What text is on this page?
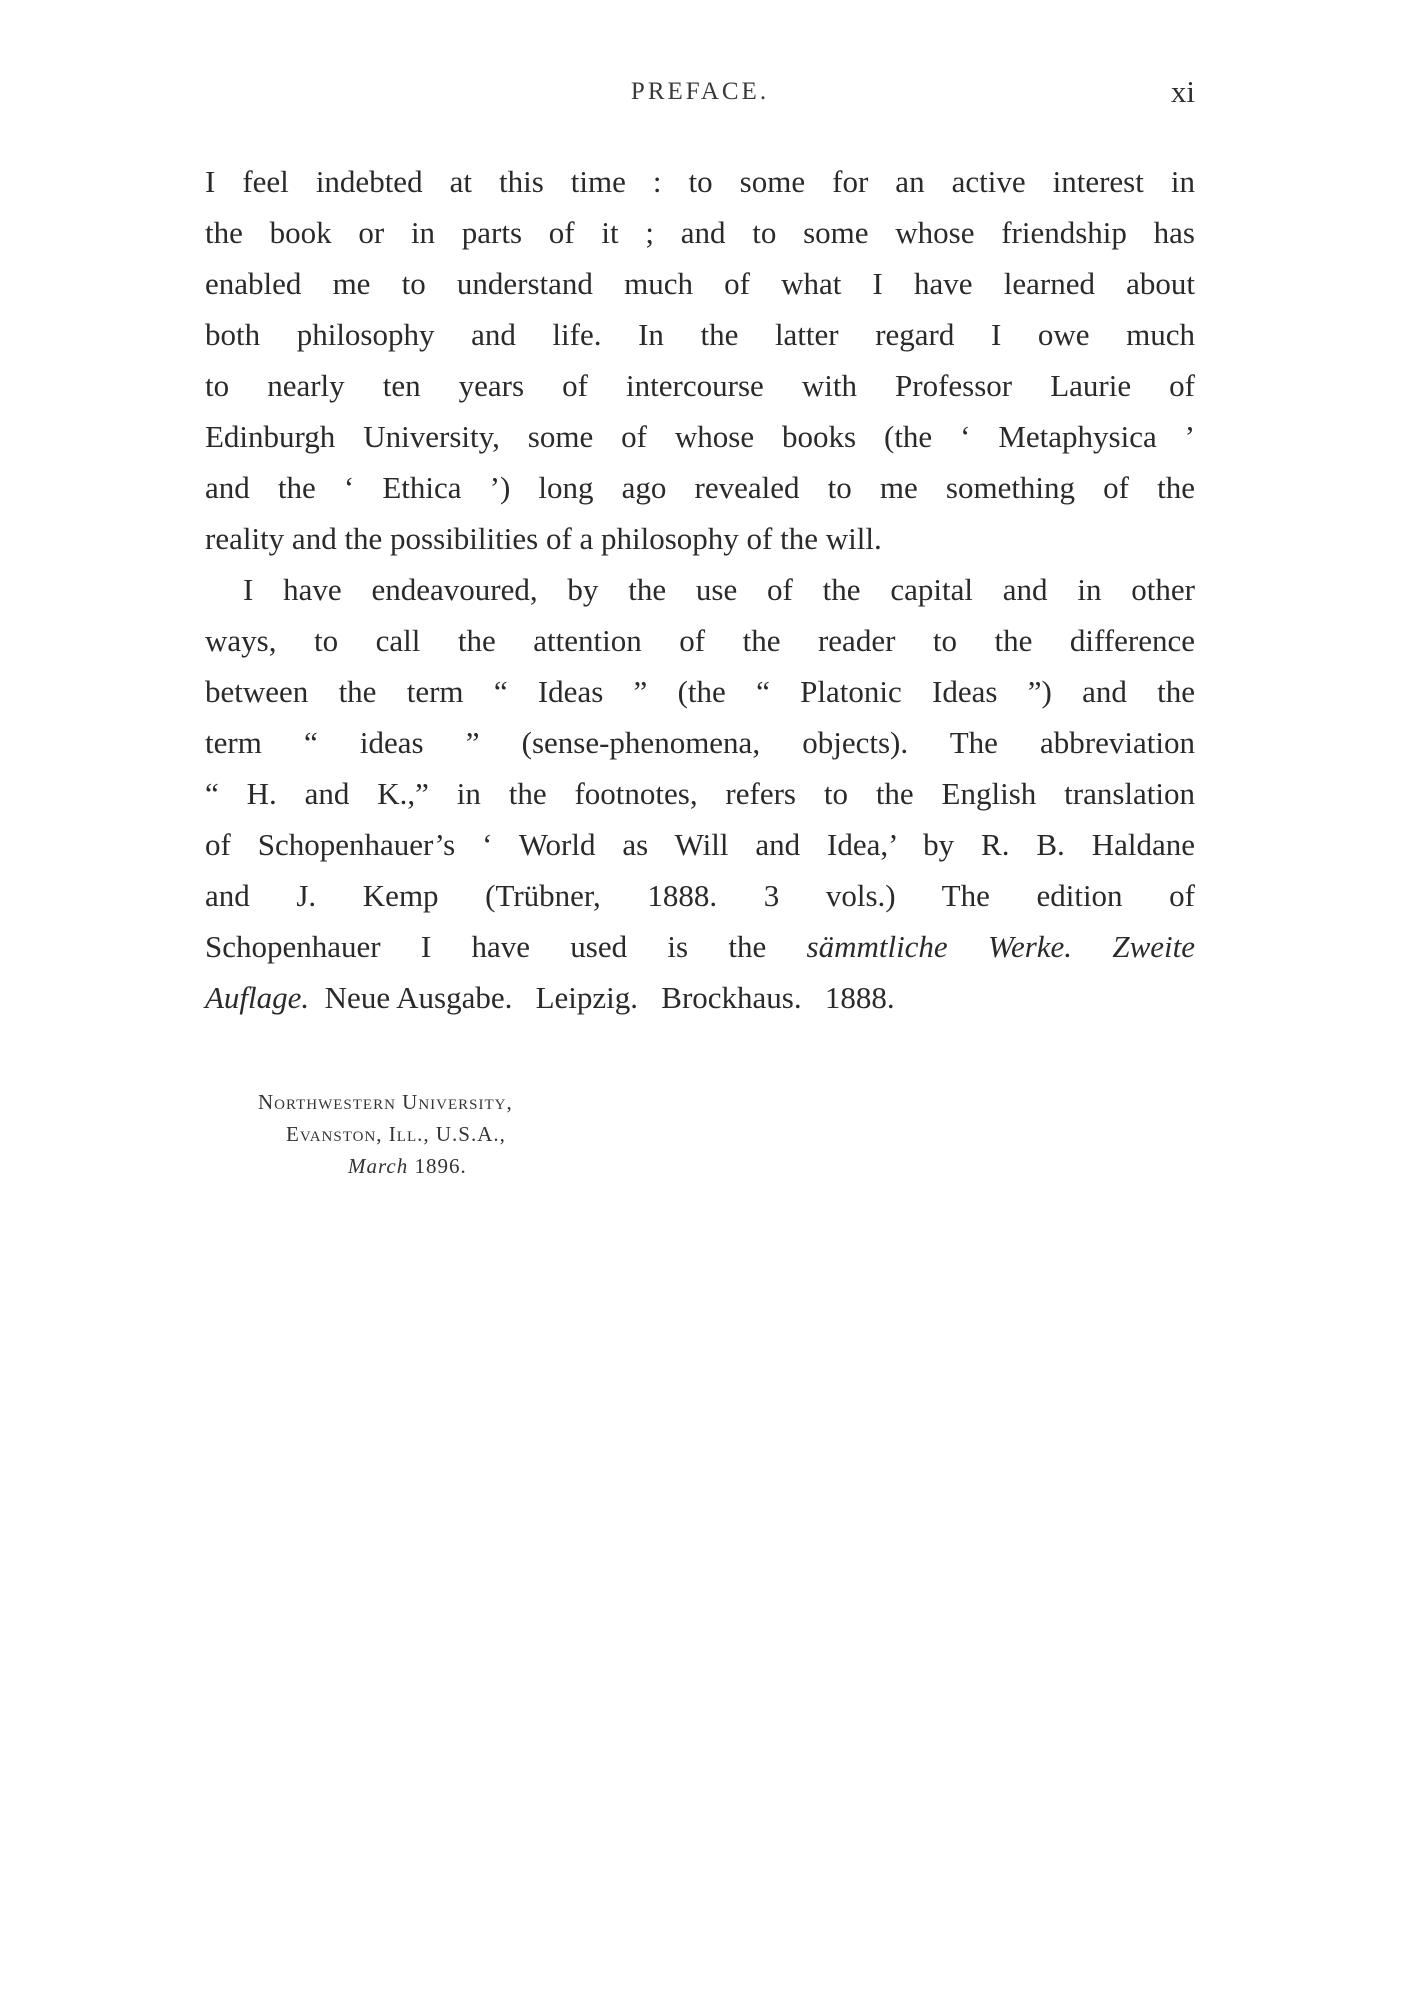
PREFACE.	xi

I feel indebted at this time : to some for an active interest in
the book or in parts of it ; and to some whose friendship has
enabled me to understand much of what I have learned about
both philosophy and life. In the latter regard I owe much
to nearly ten years of intercourse with Professor Laurie of
Edinburgh University, some of whose books (the ‘ Metaphysica ’
and the ‘ Ethica ’) long ago revealed to me something of the
reality and the possibilities of a philosophy of the will.

I have endeavoured, by the use of the capital and in other
ways, to call the attention of the reader to the difference
between the term “ Ideas ” (the “ Platonic Ideas ”) and the
term “ ideas ” (sense-phenomena, objects). The abbreviation
“ H. and K.,” in the footnotes, refers to the English translation
of Schopenhauer’s ‘ World as Will and Idea,’ by R. B. Haldane
and J. Kemp (Trübner, 1888. 3 vols.) The edition of
Schopenhauer I have used is the sämmtliche Werke. Zweite
Auflage.  Neue Ausgabe.   Leipzig.   Brockhaus.   1888.

Northwestern University,
Evanston, Ill., U.S.A.,
March 1896.
